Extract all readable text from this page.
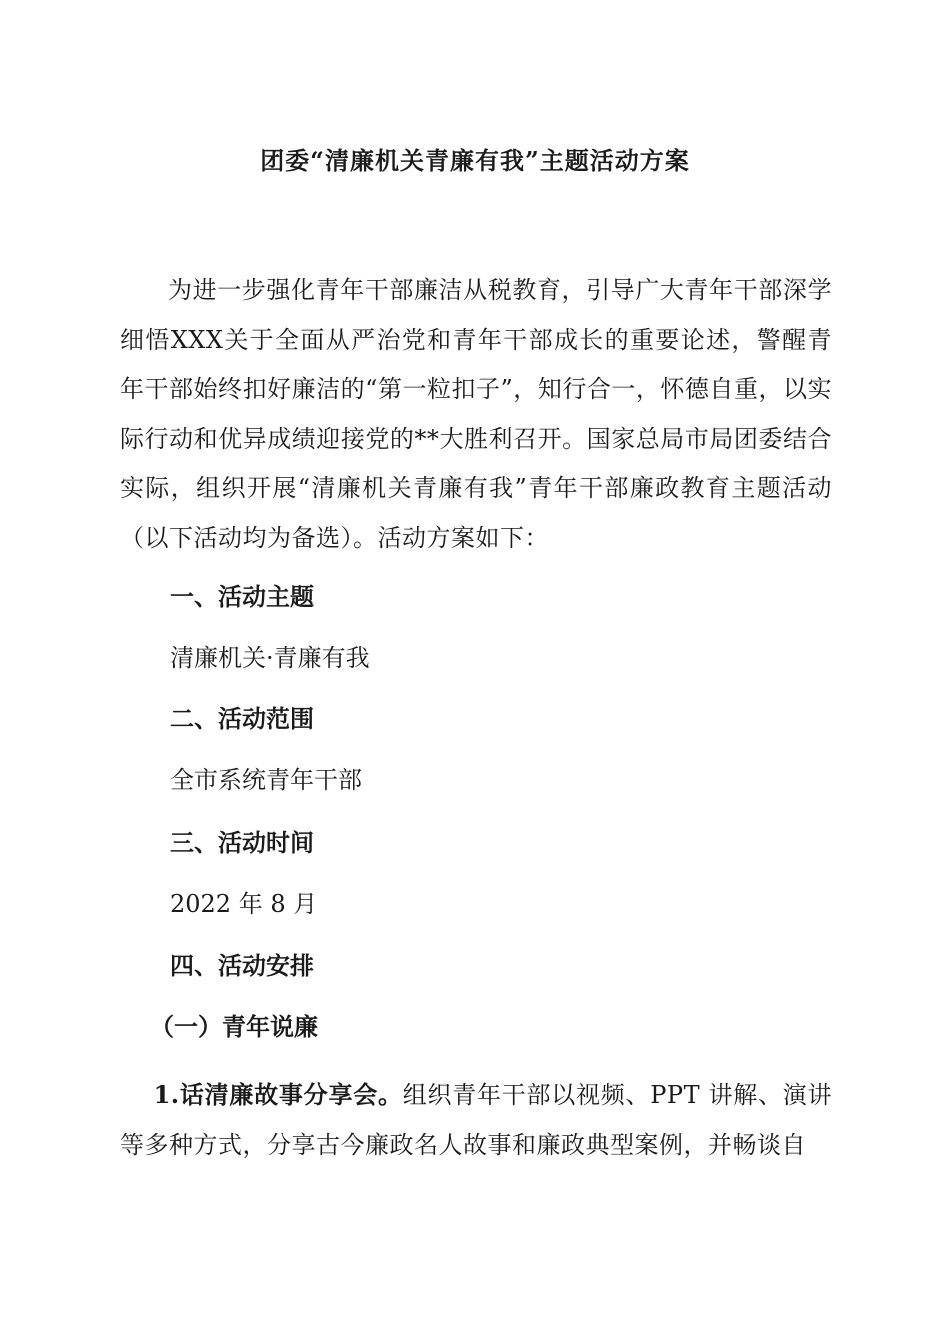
团委“清廉机关青廉有我”主题活动方案

为进一步强化青年干部廉洁从税教育，引导广大青年干部深学细悟XXX关于全面从严治党和青年干部成长的重要论述，警醒青年干部始终扣好廉洁的“第一粒扣子”，知行合一，怀德自重，以实际行动和优异成绩迎接党的**大胜利召开。国家总局市局团委结合实际，组织开展“清廉机关青廉有我”青年干部廉政教育主题活动（以下活动均为备选）。活动方案如下：

一、活动主题

清廉机关·青廉有我

二、活动范围

全市系统青年干部

三、活动时间

2022 年 8 月

四、活动安排

（一）青年说廉

1.话清廉故事分享会。组织青年干部以视频、PPT 讲解、演讲等多种方式，分享古今廉政名人故事和廉政典型案例，并畅谈自
